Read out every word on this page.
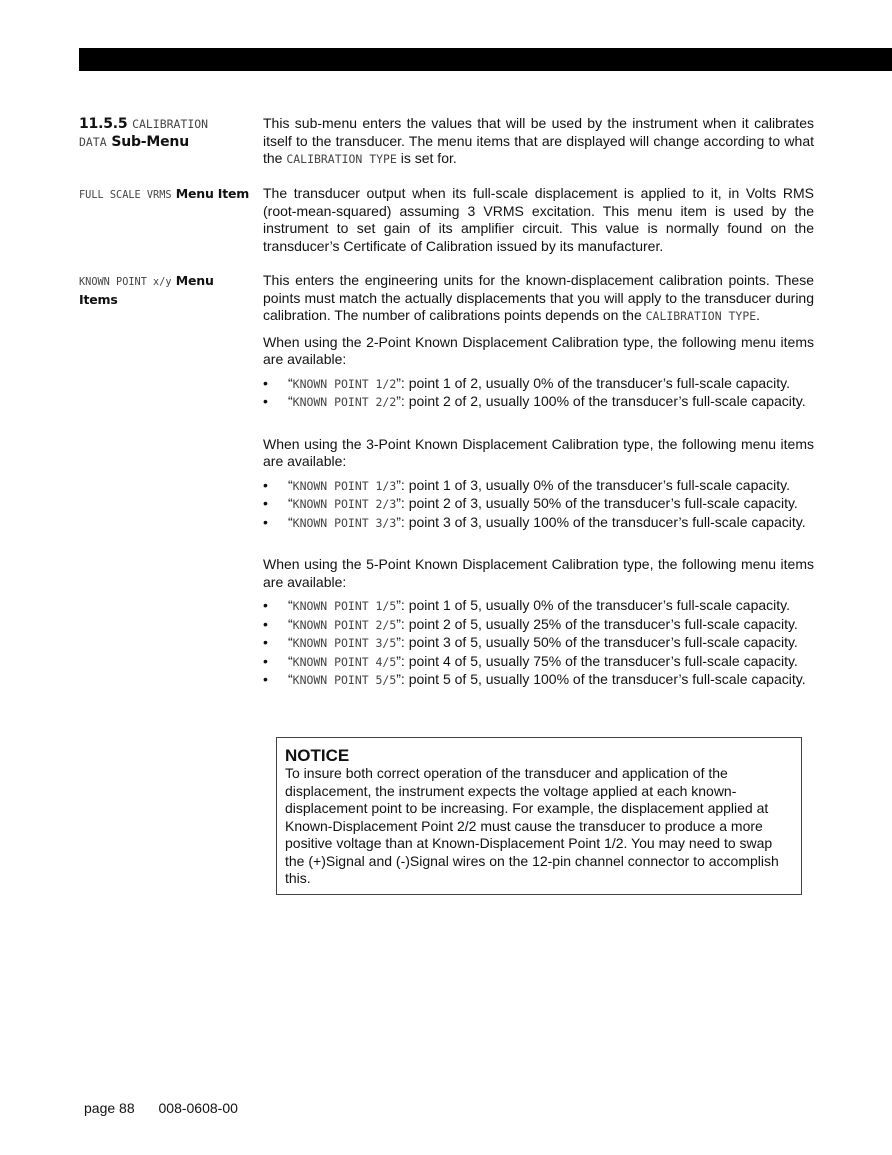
11.5.5 CALIBRATION
DATA Sub-Menu

This sub-menu enters the values that will be used by the instrument when it calibrates itself to the transducer. The menu items that are displayed will change according to what the CALIBRATION TYPE is set for.

FULL SCALE VRMS Menu Item The transducer output when its full-scale displacement is applied to it, in Volts RMS (root-mean-squared) assuming 3 VRMS excitation. This menu item is used by the instrument to set gain of its amplifier circuit. This value is normally found on the transducer’s Certificate of Calibration issued by its manufacturer.

KNOWN POINT x/y Menu Items

This enters the engineering units for the known-displacement calibration points. These points must match the actually displacements that you will apply to the transducer during calibration. The number of calibrations points depends on the CALIBRATION TYPE.

When using the 2-Point Known Displacement Calibration type, the following menu items are available:

• “KNOWN POINT 1/2”: point 1 of 2, usually 0% of the transducer’s full-scale capacity.
• “KNOWN POINT 2/2”: point 2 of 2, usually 100% of the transducer’s full-scale capacity.

When using the 3-Point Known Displacement Calibration type, the following menu items are available:

• “KNOWN POINT 1/3”: point 1 of 3, usually 0% of the transducer’s full-scale capacity.
• “KNOWN POINT 2/3”: point 2 of 3, usually 50% of the transducer’s full-scale capacity.
• “KNOWN POINT 3/3”: point 3 of 3, usually 100% of the transducer’s full-scale capacity.

When using the 5-Point Known Displacement Calibration type, the following menu items are available:

• “KNOWN POINT 1/5”: point 1 of 5, usually 0% of the transducer’s full-scale capacity.
• “KNOWN POINT 2/5”: point 2 of 5, usually 25% of the transducer’s full-scale capacity.
• “KNOWN POINT 3/5”: point 3 of 5, usually 50% of the transducer’s full-scale capacity.
• “KNOWN POINT 4/5”: point 4 of 5, usually 75% of the transducer’s full-scale capacity.
• “KNOWN POINT 5/5”: point 5 of 5, usually 100% of the transducer’s full-scale capacity.

NOTICE

To insure both correct operation of the transducer and application of the displacement, the instrument expects the voltage applied at each known-displacement point to be increasing. For example, the displacement applied at Known-Displacement Point 2/2 must cause the transducer to produce a more positive voltage than at Known-Displacement Point 1/2. You may need to swap the (+)Signal and (-)Signal wires on the 12-pin channel connector to accomplish this.

page 88 008-0608-00
